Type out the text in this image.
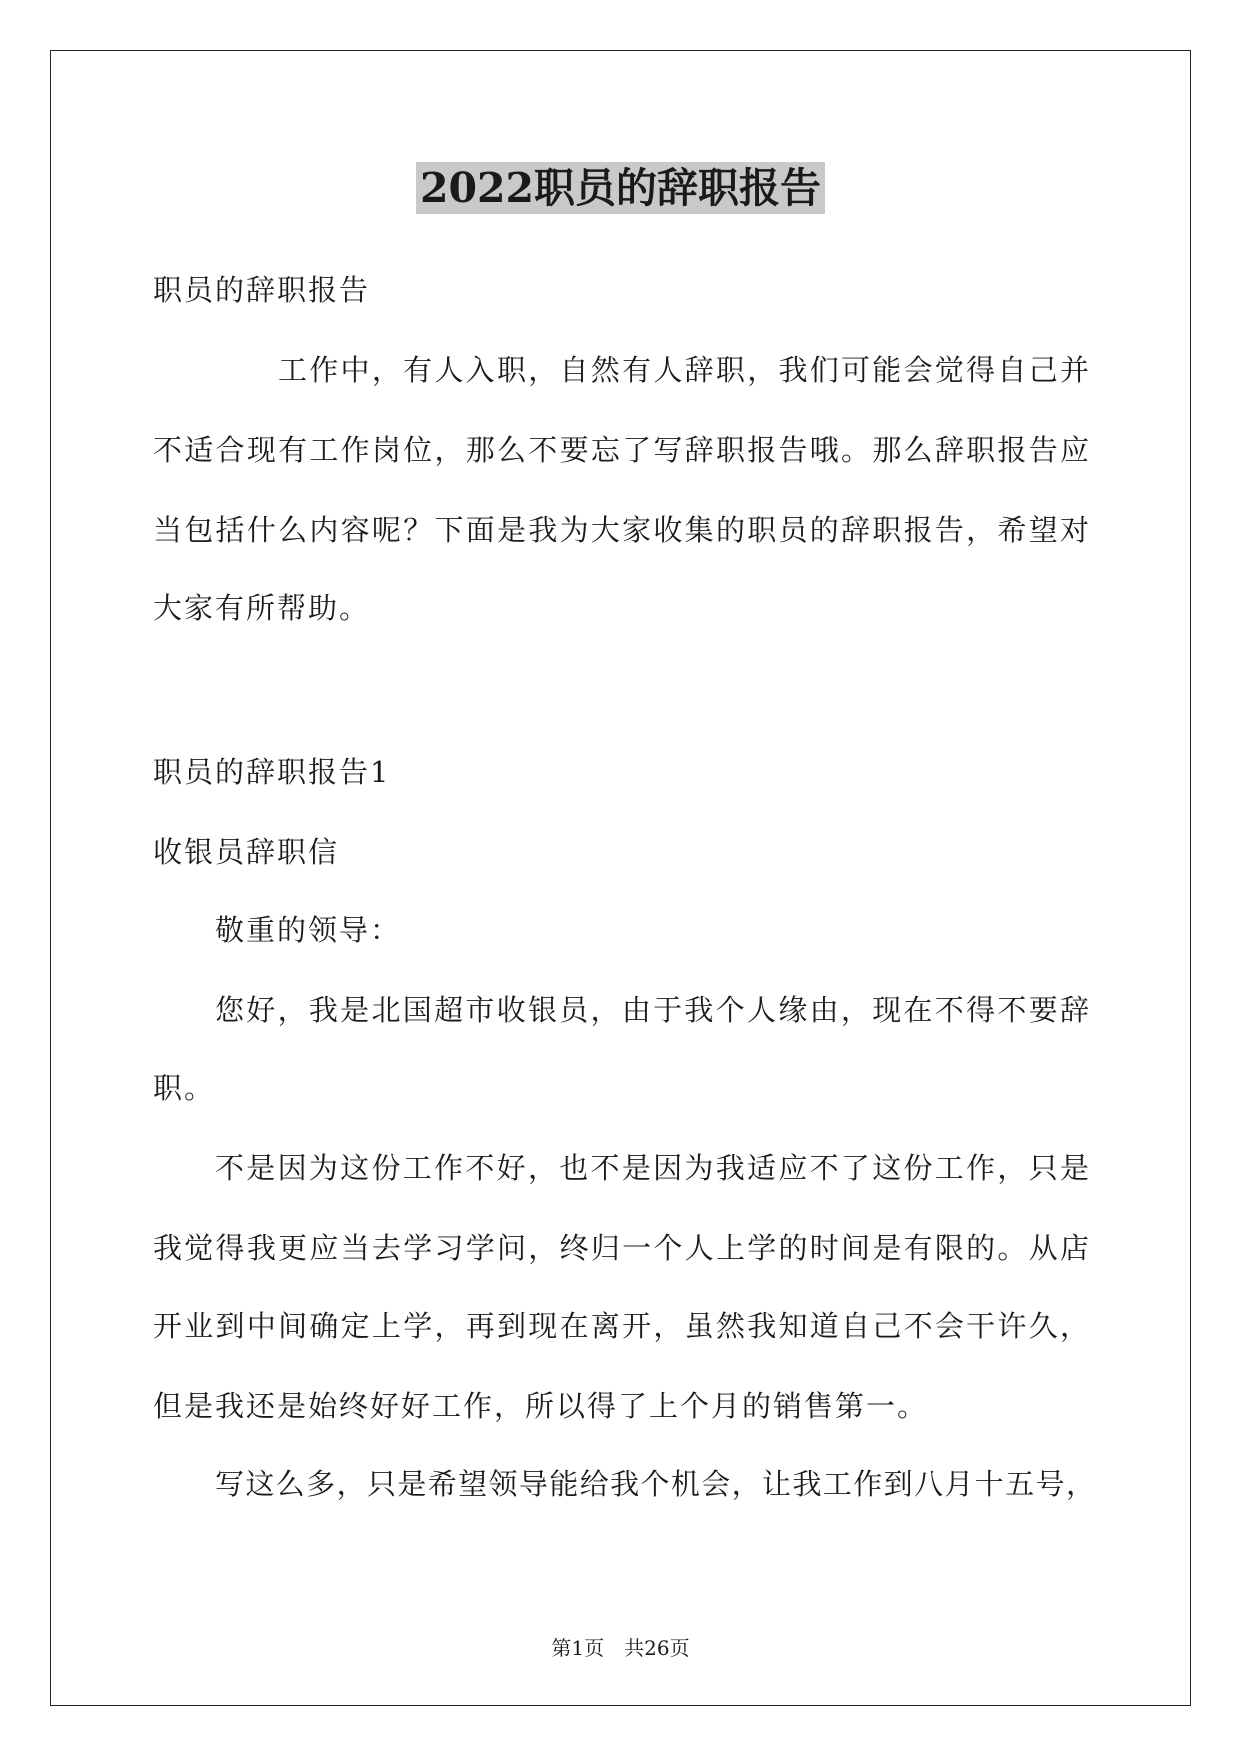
2022职员的辞职报告
职员的辞职报告
工作中，有人入职，自然有人辞职，我们可能会觉得自己并
不适合现有工作岗位，那么不要忘了写辞职报告哦。那么辞职报告应
当包括什么内容呢？下面是我为大家收集的职员的辞职报告，希望对
大家有所帮助。
职员的辞职报告1
收银员辞职信
敬重的领导：
您好，我是北国超市收银员，由于我个人缘由，现在不得不要辞
职。
不是因为这份工作不好，也不是因为我适应不了这份工作，只是
我觉得我更应当去学习学问，终归一个人上学的时间是有限的。从店
开业到中间确定上学，再到现在离开，虽然我知道自己不会干许久，
但是我还是始终好好工作，所以得了上个月的销售第一。
写这么多，只是希望领导能给我个机会，让我工作到八月十五号，
第1页　共26页
